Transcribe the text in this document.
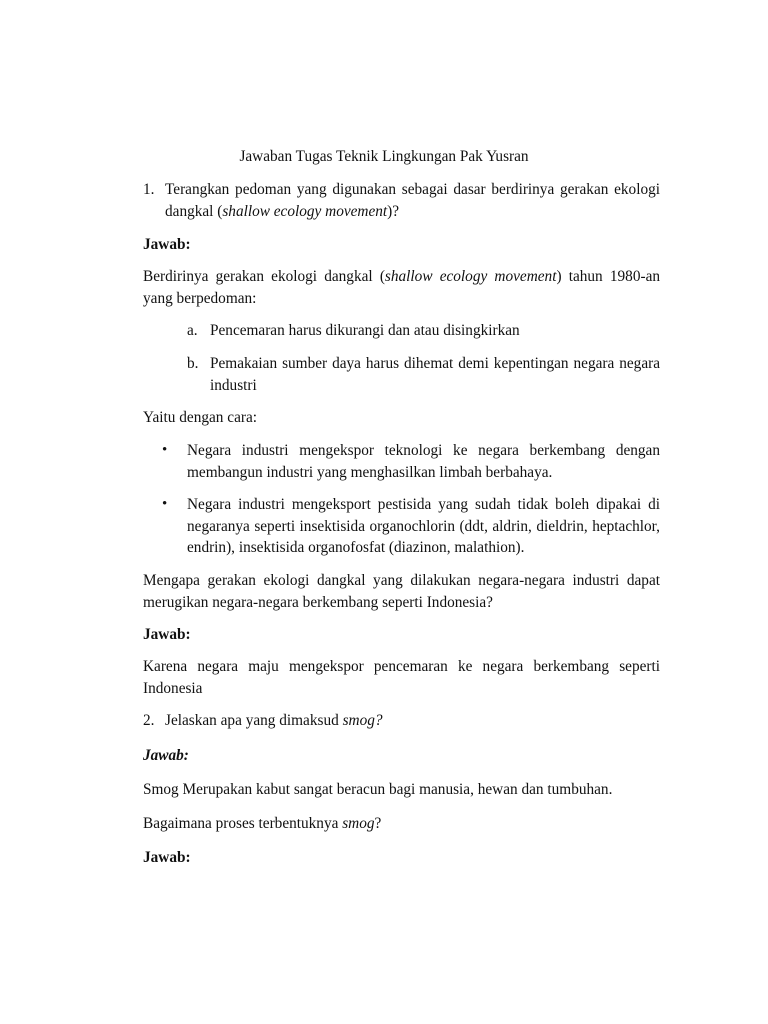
Jawaban Tugas Teknik Lingkungan Pak Yusran

1. Terangkan pedoman yang digunakan sebagai dasar berdirinya gerakan ekologi dangkal (shallow ecology movement)?

Jawab:

Berdirinya gerakan ekologi dangkal (shallow ecology movement) tahun 1980-an yang berpedoman:

a. Pencemaran harus dikurangi dan atau disingkirkan

b. Pemakaian sumber daya harus dihemat demi kepentingan negara negara industri

Yaitu dengan cara:

• Negara industri mengekspor teknologi ke negara berkembang dengan membangun industri yang menghasilkan limbah berbahaya.

• Negara industri mengeksport pestisida yang sudah tidak boleh dipakai di negaranya seperti insektisida organochlorin (ddt, aldrin, dieldrin, heptachlor, endrin), insektisida organofosfat (diazinon, malathion).

Mengapa gerakan ekologi dangkal yang dilakukan negara-negara industri dapat merugikan negara-negara berkembang seperti Indonesia?

Jawab:

Karena negara maju mengekspor pencemaran ke negara berkembang seperti Indonesia

2. Jelaskan apa yang dimaksud smog?

Jawab:

Smog Merupakan kabut sangat beracun bagi manusia, hewan dan tumbuhan.

Bagaimana proses terbentuknya smog?

Jawab:
